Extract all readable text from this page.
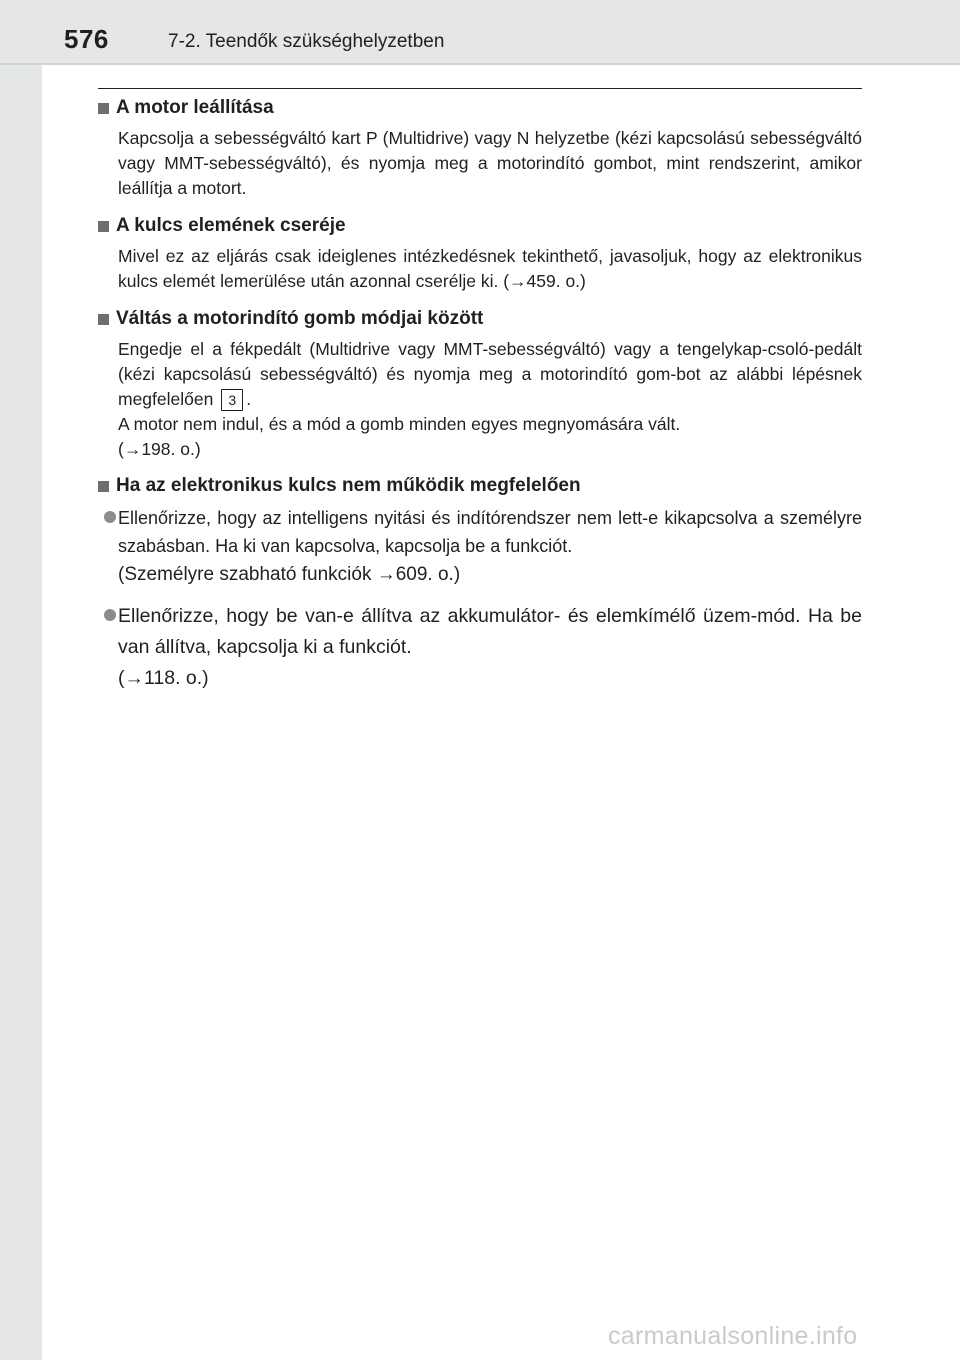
576	7-2. Teendők szükséghelyzetben
A motor leállítása
Kapcsolja a sebességváltó kart P (Multidrive) vagy N helyzetbe (kézi kapcsolású sebességváltó vagy MMT-sebességváltó), és nyomja meg a motorindító gombot, mint rendszerint, amikor leállítja a motort.
A kulcs elemének cseréje
Mivel ez az eljárás csak ideiglenes intézkedésnek tekinthető, javasoljuk, hogy az elektronikus kulcs elemét lemerülése után azonnal cserélje ki. (→459. o.)
Váltás a motorindító gomb módjai között
Engedje el a fékpedált (Multidrive vagy MMT-sebességváltó) vagy a tengelykap-csoló-pedált (kézi kapcsolású sebességváltó) és nyomja meg a motorindító gom-bot az alábbi lépésnek megfelelően 3 .
A motor nem indul, és a mód a gomb minden egyes megnyomására vált.
(→198. o.)
Ha az elektronikus kulcs nem működik megfelelően
Ellenőrizze, hogy az intelligens nyitási és indítórendszer nem lett-e kikapcsolva a személyre szabásban. Ha ki van kapcsolva, kapcsolja be a funkciót.
(Személyre szabható funkciók →609. o.)
Ellenőrizze, hogy be van-e állítva az akkumulátor- és elemkímélő üzem-mód. Ha be van állítva, kapcsolja ki a funkciót.
(→118. o.)
carmanualsonline.info
